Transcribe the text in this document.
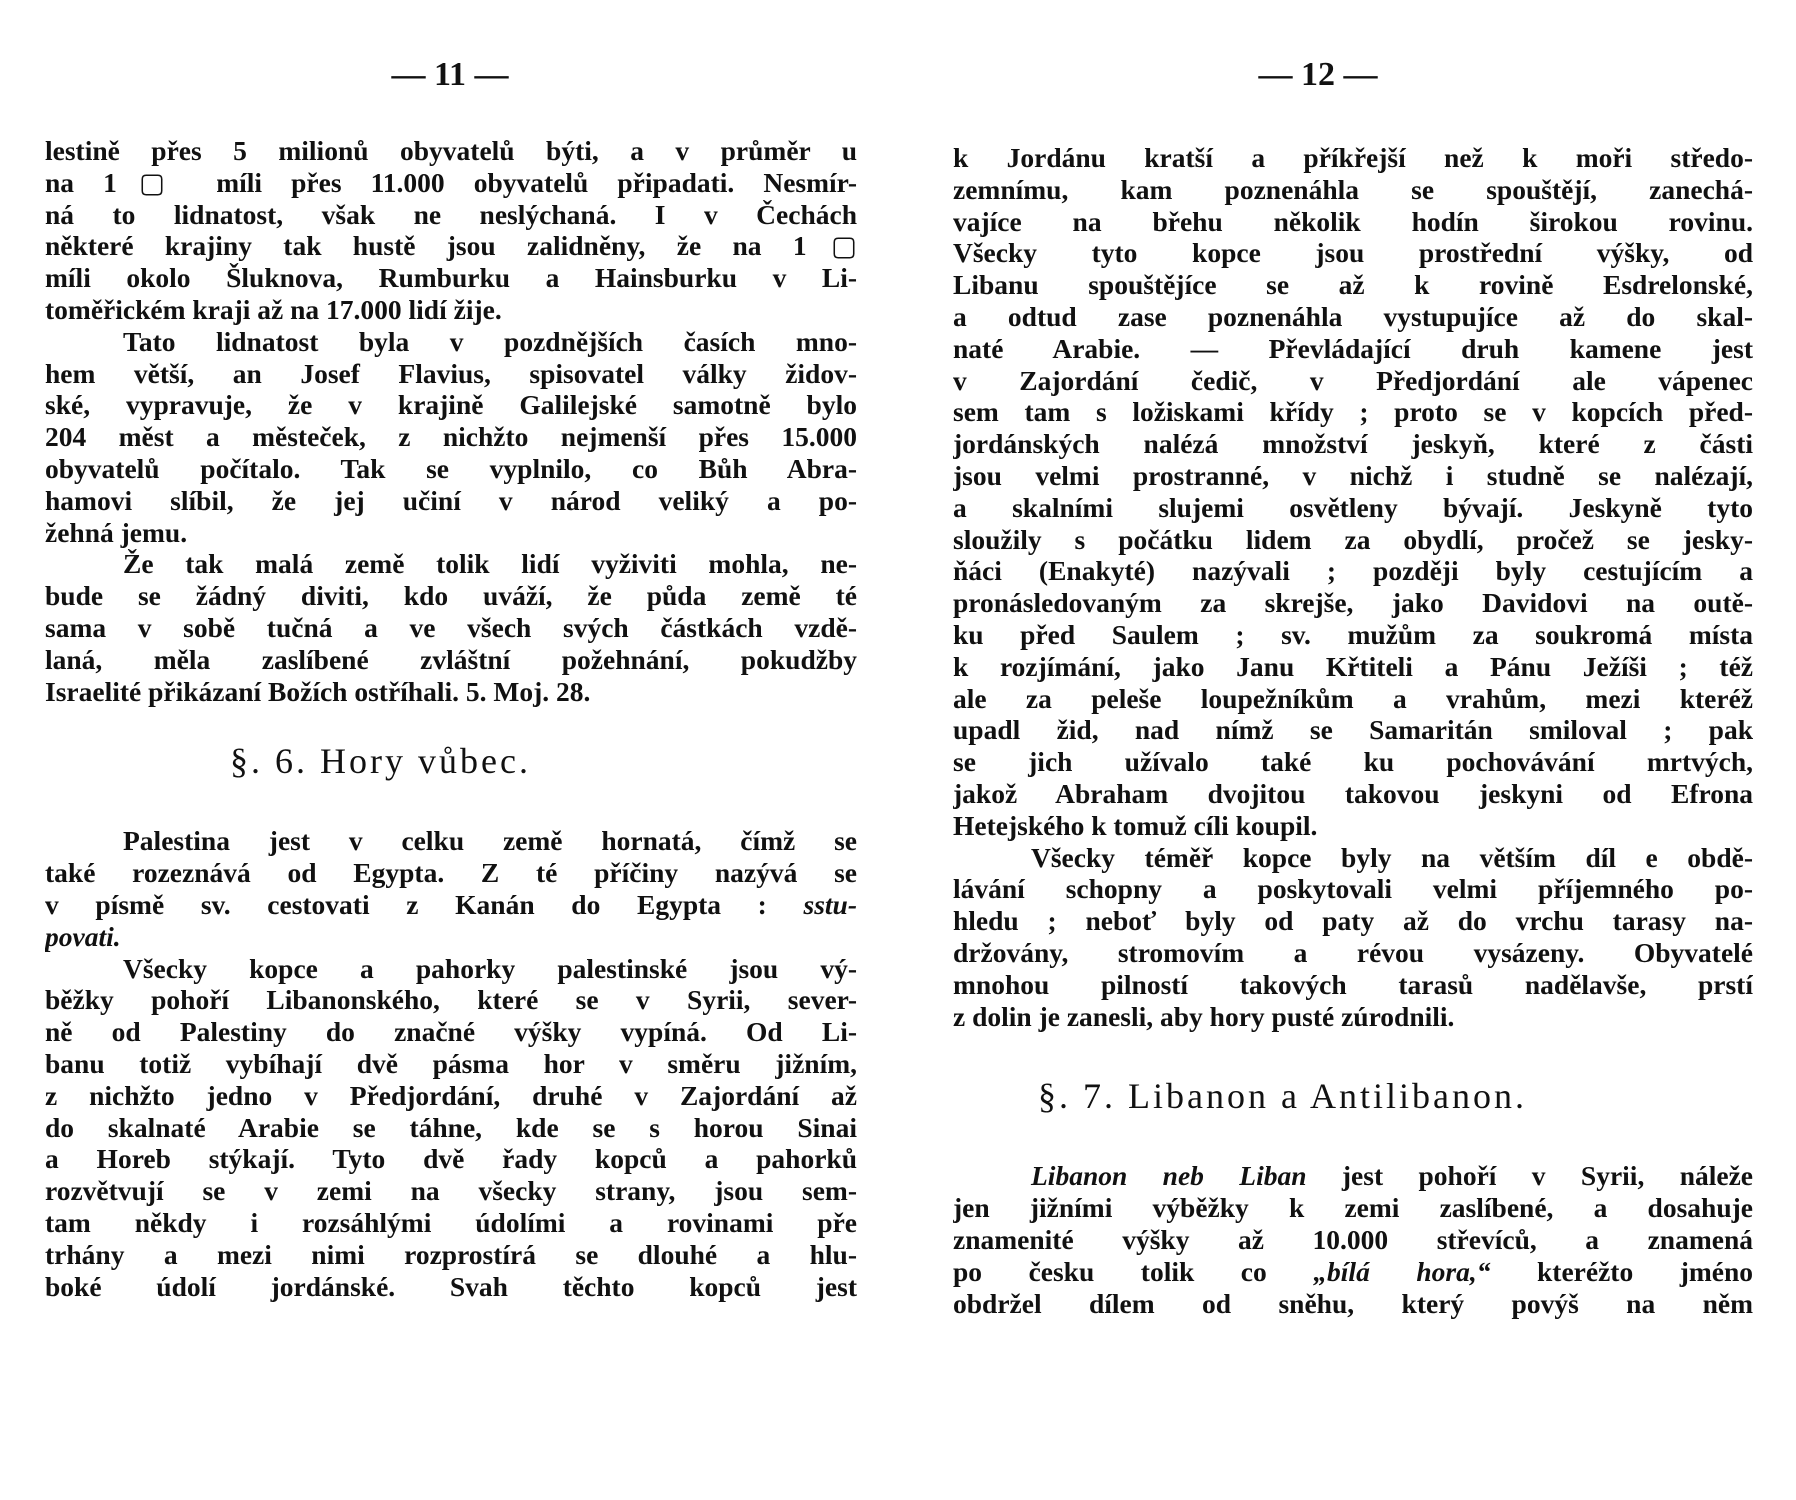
— 11 —
lestině přes 5 milionů obyvatelů býti, a v průměr u
na 1▢ míli přes 11.000 obyvatelů připadati. Nesmír-
ná to lidnatost, však ne neslýchaná. I v Čechách
některé krajiny tak hustě jsou zalidněny, že na 1▢
míli okolo Šluknova, Rumburku a Hainsburku v Li-
toměřickém kraji až na 17.000 lidí žije.
Tato lidnatost byla v pozdnějších časích mno-
hem větší, an Josef Flavius, spisovatel války židov-
ské, vypravuje, že v krajině Galilejské samotně bylo
204 měst a městeček, z nichžto nejmenší přes 15.000
obyvatelů počítalo. Tak se vyplnilo, co Bůh Abra-
hamovi slíbil, že jej učiní v národ veliký a po-
žehná jemu.
Že tak malá země tolik lidí vyživiti mohla, ne-
bude se žádný diviti, kdo uváží, že půda země té
sama v sobě tučná a ve všech svých částkách vzdě-
laná, měla zaslíbené zvláštní požehnání, pokudžby
Israelité přikázaní Božích ostříhali. 5. Moj. 28.
§. 6. Hory vůbec.
Palestina jest v celku země hornatá, čímž se
také rozeznává od Egypta. Z té příčiny nazývá se
v písmě sv. cestovati z Kanán do Egypta : sstu-
povati.
Všecky kopce a pahorky palestinské jsou vý-
běžky pohoří Libanonského, které se v Syrii, sever-
ně od Palestiny do značné výšky vypíná. Od Li-
banu totiž vybíhají dvě pásma hor v směru jižním,
z nichžto jedno v Předjordání, druhé v Zajordání až
do skalnaté Arabie se táhne, kde se s horou Sinai
a Horeb stýkají. Tyto dvě řady kopců a pahorků
rozvětvují se v zemi na všecky strany, jsou sem-
tam někdy i rozsáhlými údolími a rovinami pře
trhány a mezi nimi rozprostírá se dlouhé a hlu-
boké údolí jordánské. Svah těchto kopců jest
— 12 —
k Jordánu kratší a příkřejší než k moři středo-
zemnímu, kam poznenáhla se spouštějí, zanechá-
vajíce na břehu několik hodín širokou rovinu.
Všecky tyto kopce jsou prostřední výšky, od
Libanu spouštějíce se až k rovině Esdrelonské,
a odtud zase poznenáhla vystupujíce až do skal-
naté Arabie. — Převládající druh kamene jest
v Zajordání čedič, v Předjordání ale vápenec
sem tam s ložiskami křídy ; proto se v kopcích před-
jordánských nalézá množství jeskyň, které z části
jsou velmi prostranné, v nichž i studně se nalézají,
a skalními slujemi osvětleny bývají. Jeskyně tyto
sloužily s počátku lidem za obydlí, pročež se jesky-
ňáci (Enakyté) nazývali ; později byly cestujícím a
pronásledovaným za skrejše, jako Davidovi na outě-
ku před Saulem ; sv. mužům za soukromá místa
k rozjímání, jako Janu Křtiteli a Pánu Ježíši ; též
ale za peleše loupežníkům a vrahům, mezi kteréž
upadl žid, nad nímž se Samaritán smiloval ; pak
se jich užívalo také ku pochovávání mrtvých,
jakož Abraham dvojitou takovou jeskyni od Efrona
Hetejského k tomuž cíli koupil.
Všecky téměř kopce byly na větším díl e obdě-
lávání schopny a poskytovali velmi příjemného po-
hledu ; neboť byly od paty až do vrchu tarasy na-
držovány, stromovím a révou vysázeny. Obyvatelé
mnohou pilností takových tarasů nadělavše, prstí
z dolin je zanesli, aby hory pusté zúrodnili.
§. 7. Libanon a Antilibanon.
Libanon neb Liban jest pohoří v Syrii, náleže
jen jižními výběžky k zemi zaslíbené, a dosahuje
znamenité výšky až 10.000 střevíců, a znamená
po česku tolik co „bílá hora,“ kteréžto jméno
obdržel dílem od sněhu, který povýš na něm
